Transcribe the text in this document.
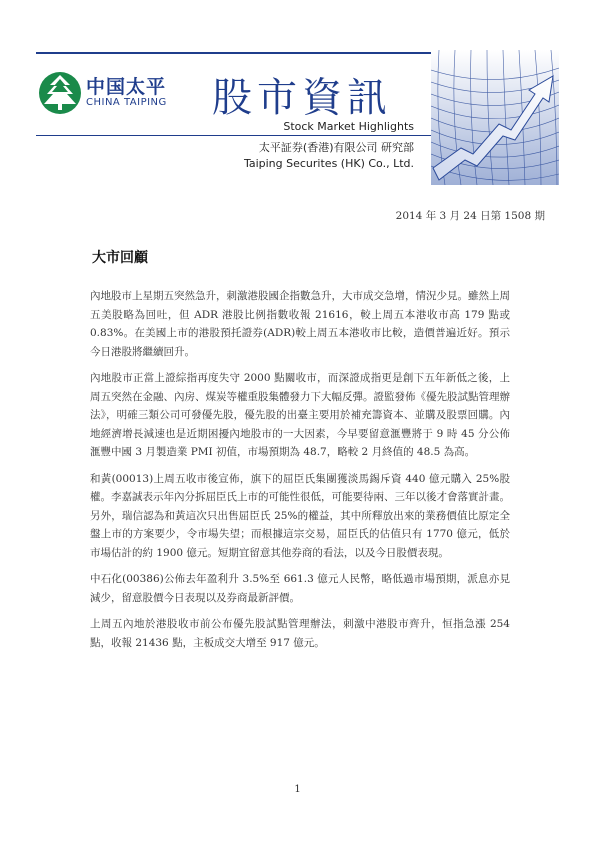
中国太平
CHINA TAIPING 股市資訊
Stock Market Highlights
太平証券(香港)有限公司 研究部
Taiping Securites (HK) Co., Ltd.
2014 年 3 月 24 日第 1508 期
大市回顧

內地股市上星期五突然急升，刺激港股國企指數急升，大市成交急增，情況少見。雖然上周五美股略為回吐，但 ADR 港股比例指數收報 21616，較上周五本港收市高 179 點或 0.83%。在美國上市的港股預托證券(ADR)較上周五本港收市比較，造價普遍近好。預示今日港股將繼續回升。

內地股市正當上證綜指再度失守 2000 點關收市，而深證成指更是創下五年新低之後，上周五突然在金融、內房、煤炭等權重股集體發力下大幅反彈。證監發佈《優先股試點管理辦法》，明確三類公司可發優先股，優先股的出臺主要用於補充籌資本、並購及股票回購。內地經濟增長減速也是近期困擾內地股市的一大因素，今早要留意滙豐將于 9 時 45 分公佈滙豐中國 3 月製造業 PMI 初值，市場預期為 48.7，略較 2 月終值的 48.5 為高。

和黃(00013)上周五收市後宣佈，旗下的屈臣氏集團獲淡馬錫斥資 440 億元購入 25%股權。李嘉誠表示年內分拆屈臣氏上市的可能性很低，可能要待兩、三年以後才會落實計畫。另外，瑞信認為和黃這次只出售屈臣氏 25%的權益，其中所釋放出來的業務價值比原定全盤上市的方案要少，令市場失望；而根據這宗交易，屈臣氏的估值只有 1770 億元，低於市場估計的約 1900 億元。短期宜留意其他券商的看法，以及今日股價表現。

中石化(00386)公佈去年盈利升 3.5%至 661.3 億元人民幣，略低過市場預期，派息亦見減少，留意股價今日表現以及券商最新評價。

上周五內地於港股收市前公布優先股試點管理辦法，刺激中港股市齊升，恒指急漲 254 點，收報 21436 點，主板成交大增至 917 億元。

1
